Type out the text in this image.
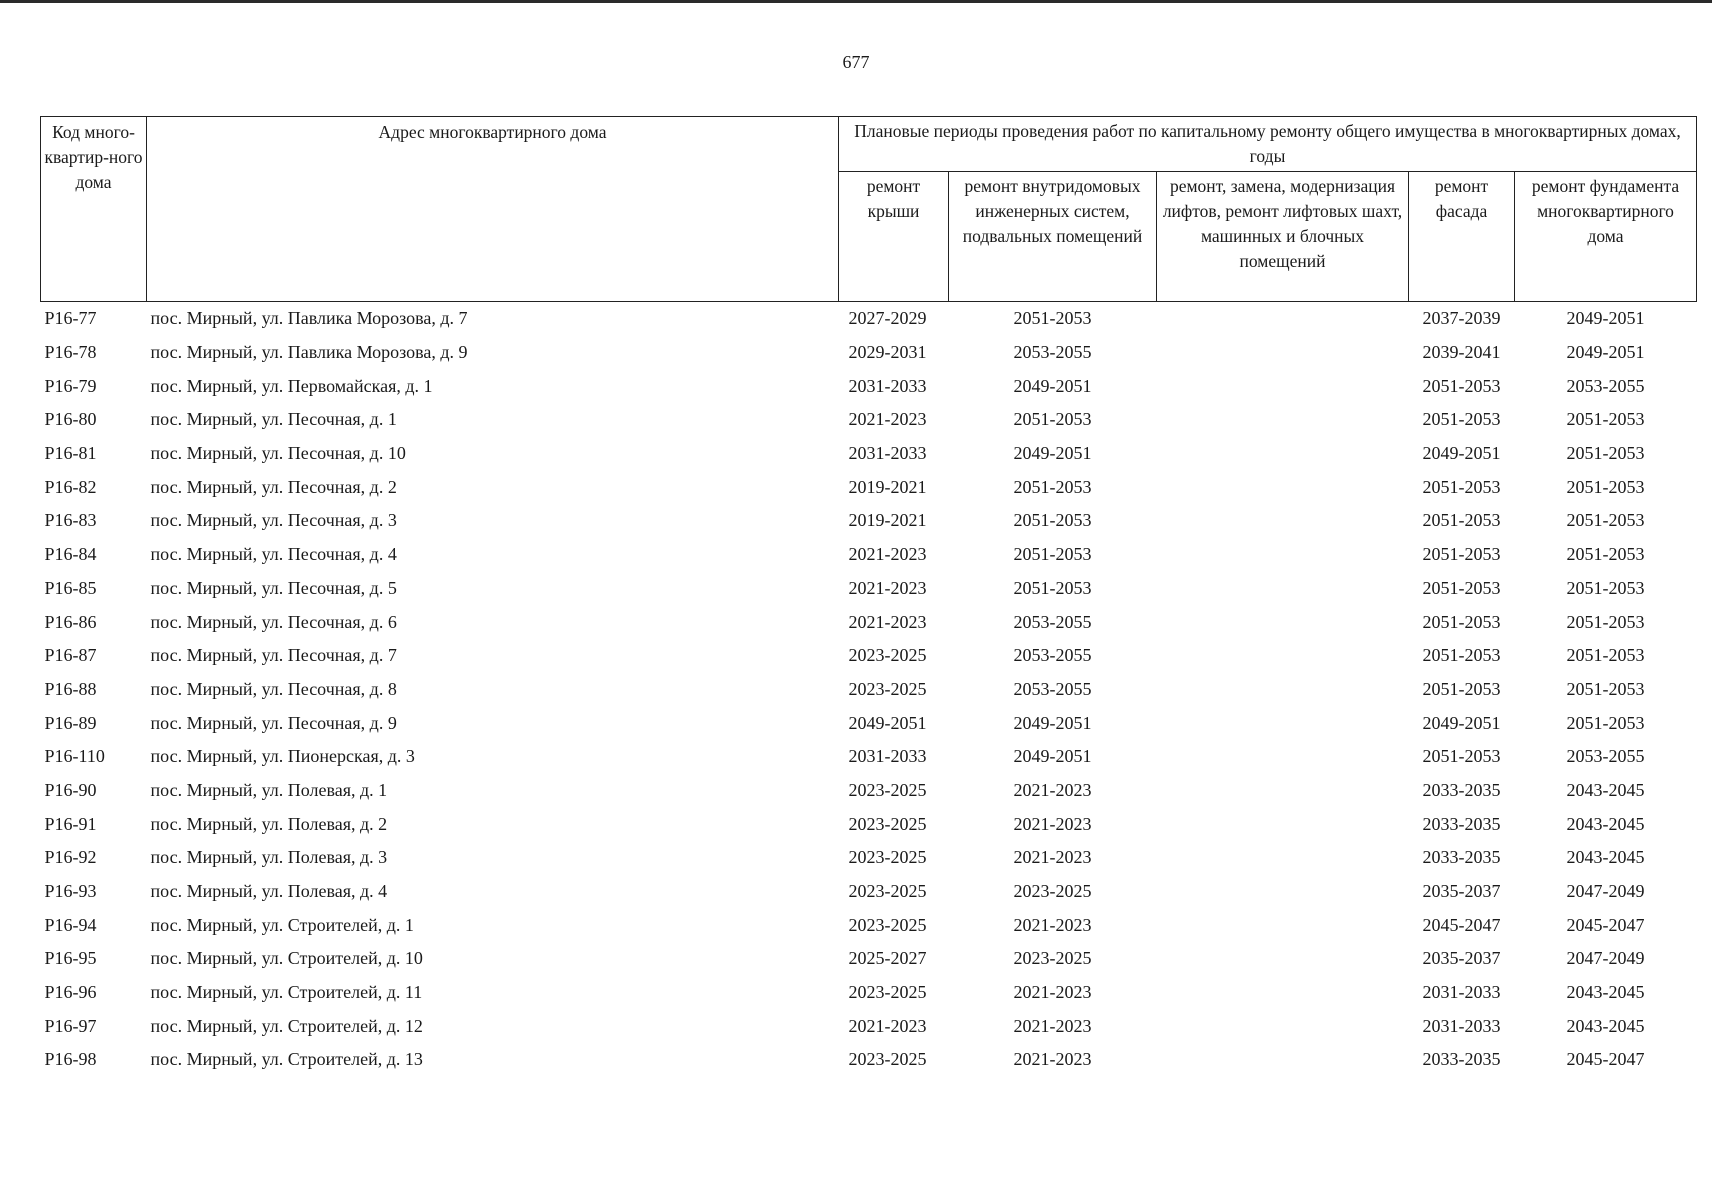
677
Код много-квартир-ного дома	Адрес многоквартирного дома	Плановые периоды проведения работ по капитальному ремонту общего имущества в многоквартирных домах, годы				
		ремонт крыши	ремонт внутридомовых инженерных систем, подвальных помещений	ремонт, замена, модернизация лифтов, ремонт лифтовых шахт, машинных и блочных помещений	ремонт фасада	ремонт фундамента многоквартирного дома
P16-77	пос. Мирный, ул. Павлика Морозова, д. 7	2027-2029	2051-2053		2037-2039	2049-2051
P16-78	пос. Мирный, ул. Павлика Морозова, д. 9	2029-2031	2053-2055		2039-2041	2049-2051
P16-79	пос. Мирный, ул. Первомайская, д. 1	2031-2033	2049-2051		2051-2053	2053-2055
P16-80	пос. Мирный, ул. Песочная, д. 1	2021-2023	2051-2053		2051-2053	2051-2053
P16-81	пос. Мирный, ул. Песочная, д. 10	2031-2033	2049-2051		2049-2051	2051-2053
P16-82	пос. Мирный, ул. Песочная, д. 2	2019-2021	2051-2053		2051-2053	2051-2053
P16-83	пос. Мирный, ул. Песочная, д. 3	2019-2021	2051-2053		2051-2053	2051-2053
P16-84	пос. Мирный, ул. Песочная, д. 4	2021-2023	2051-2053		2051-2053	2051-2053
P16-85	пос. Мирный, ул. Песочная, д. 5	2021-2023	2051-2053		2051-2053	2051-2053
P16-86	пос. Мирный, ул. Песочная, д. 6	2021-2023	2053-2055		2051-2053	2051-2053
P16-87	пос. Мирный, ул. Песочная, д. 7	2023-2025	2053-2055		2051-2053	2051-2053
P16-88	пос. Мирный, ул. Песочная, д. 8	2023-2025	2053-2055		2051-2053	2051-2053
P16-89	пос. Мирный, ул. Песочная, д. 9	2049-2051	2049-2051		2049-2051	2051-2053
P16-110	пос. Мирный, ул. Пионерская, д. 3	2031-2033	2049-2051		2051-2053	2053-2055
P16-90	пос. Мирный, ул. Полевая, д. 1	2023-2025	2021-2023		2033-2035	2043-2045
P16-91	пос. Мирный, ул. Полевая, д. 2	2023-2025	2021-2023		2033-2035	2043-2045
P16-92	пос. Мирный, ул. Полевая, д. 3	2023-2025	2021-2023		2033-2035	2043-2045
P16-93	пос. Мирный, ул. Полевая, д. 4	2023-2025	2023-2025		2035-2037	2047-2049
P16-94	пос. Мирный, ул. Строителей, д. 1	2023-2025	2021-2023		2045-2047	2045-2047
P16-95	пос. Мирный, ул. Строителей, д. 10	2025-2027	2023-2025		2035-2037	2047-2049
P16-96	пос. Мирный, ул. Строителей, д. 11	2023-2025	2021-2023		2031-2033	2043-2045
P16-97	пос. Мирный, ул. Строителей, д. 12	2021-2023	2021-2023		2031-2033	2043-2045
P16-98	пос. Мирный, ул. Строителей, д. 13	2023-2025	2021-2023		2033-2035	2045-2047
